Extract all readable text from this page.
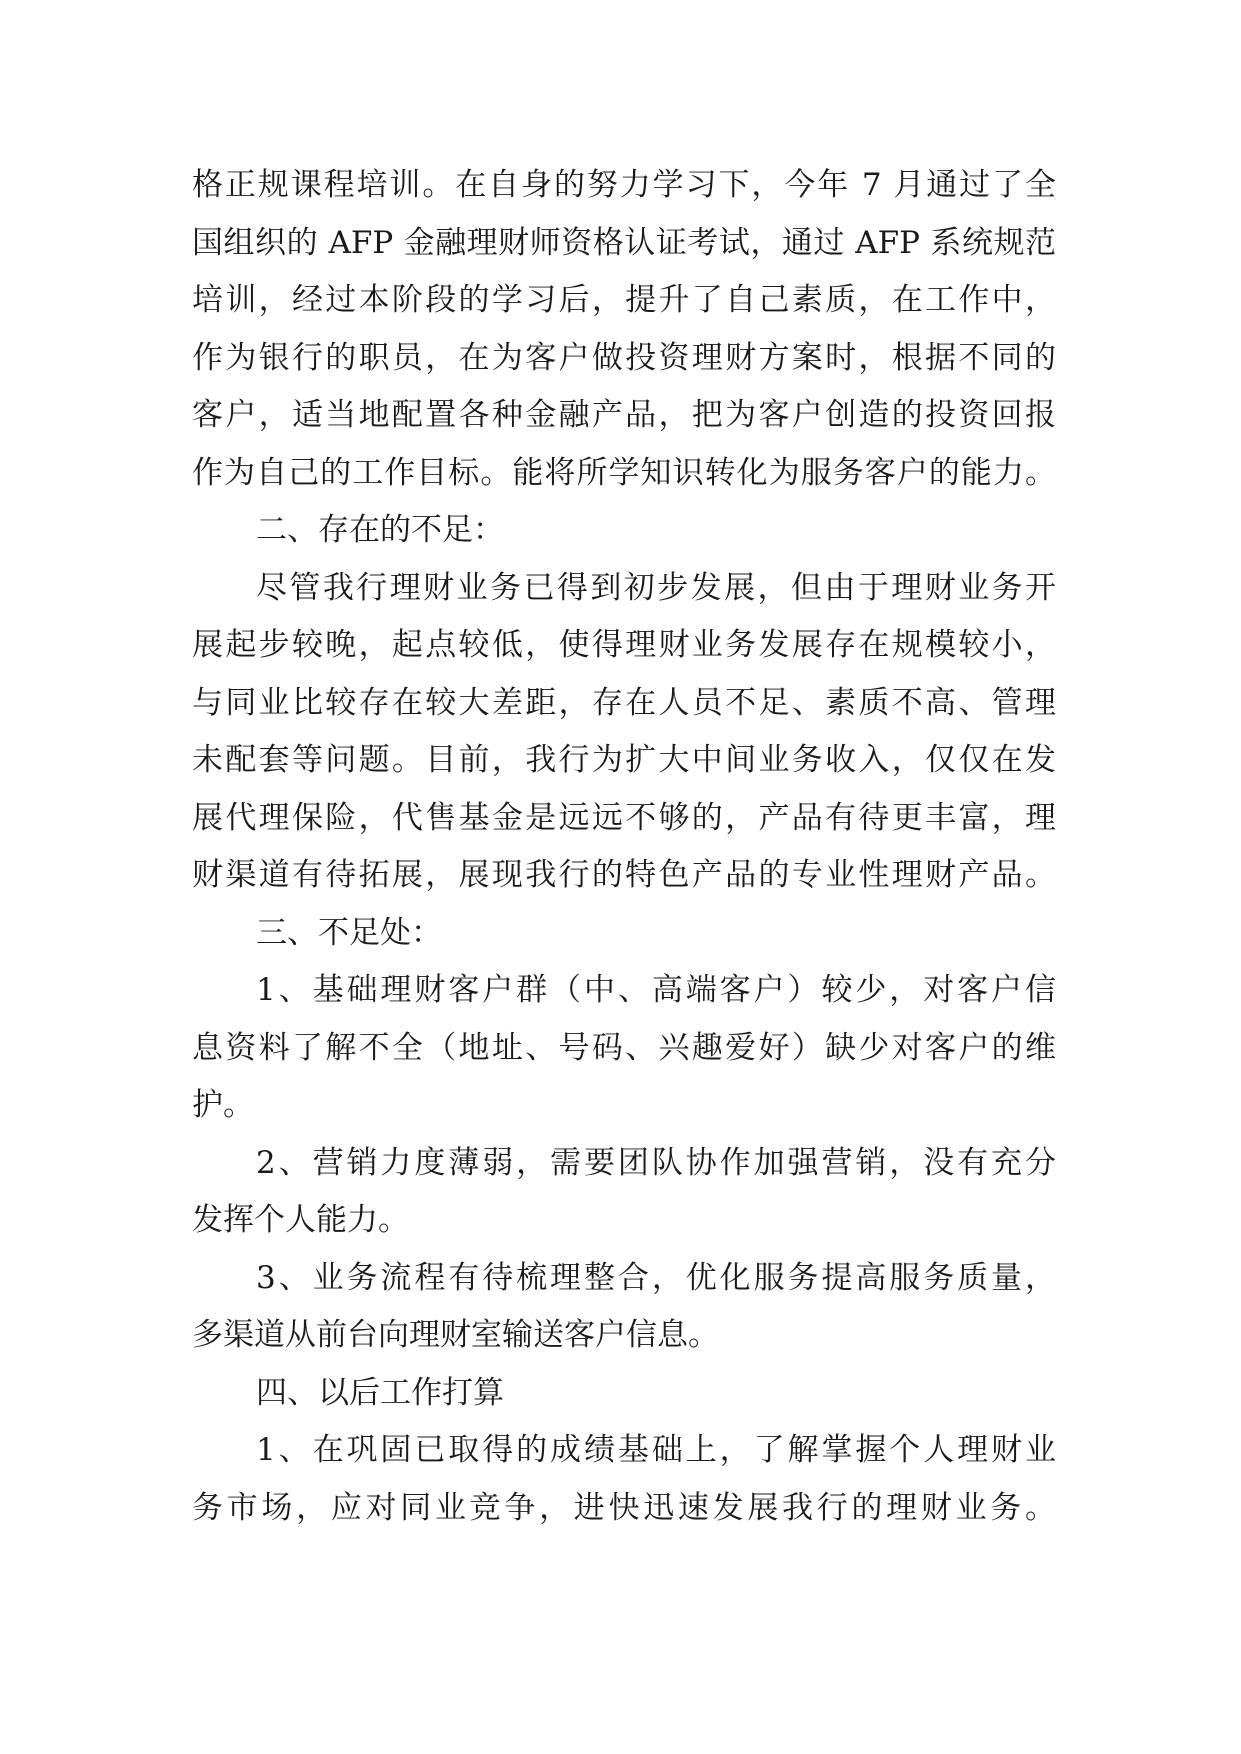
格正规课程培训。在自身的努力学习下，今年 7 月通过了全
国组织的 AFP 金融理财师资格认证考试，通过 AFP 系统规范
培训，经过本阶段的学习后，提升了自己素质，在工作中，
作为银行的职员，在为客户做投资理财方案时，根据不同的
客户，适当地配置各种金融产品，把为客户创造的投资回报
作为自己的工作目标。能将所学知识转化为服务客户的能力。
二、存在的不足：
尽管我行理财业务已得到初步发展，但由于理财业务开
展起步较晚，起点较低，使得理财业务发展存在规模较小，
与同业比较存在较大差距，存在人员不足、素质不高、管理
未配套等问题。目前，我行为扩大中间业务收入，仅仅在发
展代理保险，代售基金是远远不够的，产品有待更丰富，理
财渠道有待拓展，展现我行的特色产品的专业性理财产品。
三、不足处：
1、基础理财客户群（中、高端客户）较少，对客户信
息资料了解不全（地址、号码、兴趣爱好）缺少对客户的维
护。
2、营销力度薄弱，需要团队协作加强营销，没有充分
发挥个人能力。
3、业务流程有待梳理整合，优化服务提高服务质量，
多渠道从前台向理财室输送客户信息。
四、以后工作打算
1、在巩固已取得的成绩基础上，了解掌握个人理财业
务市场，应对同业竞争，进快迅速发展我行的理财业务。
